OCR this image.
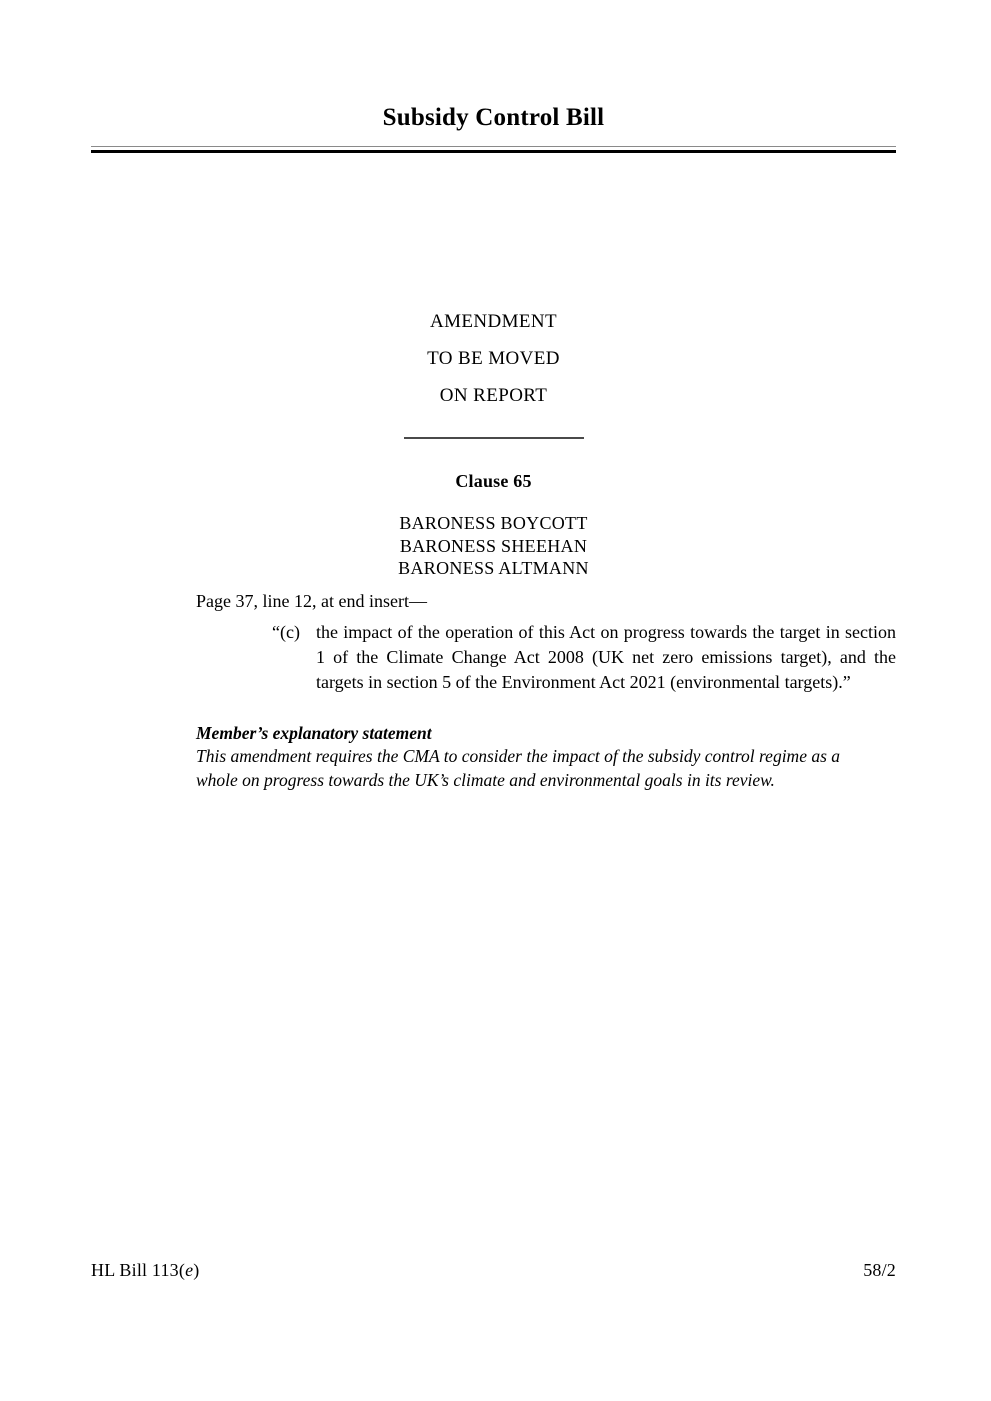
Subsidy Control Bill
AMENDMENT
TO BE MOVED
ON REPORT
Clause 65
BARONESS BOYCOTT
BARONESS SHEEHAN
BARONESS ALTMANN

Page 37, line 12, at end insert—

“(c) the impact of the operation of this Act on progress towards the target in section 1 of the Climate Change Act 2008 (UK net zero emissions target), and the targets in section 5 of the Environment Act 2021 (environmental targets).”

Member’s explanatory statement

This amendment requires the CMA to consider the impact of the subsidy control regime as a whole on progress towards the UK’s climate and environmental goals in its review.

HL Bill 113(e)	58/2
